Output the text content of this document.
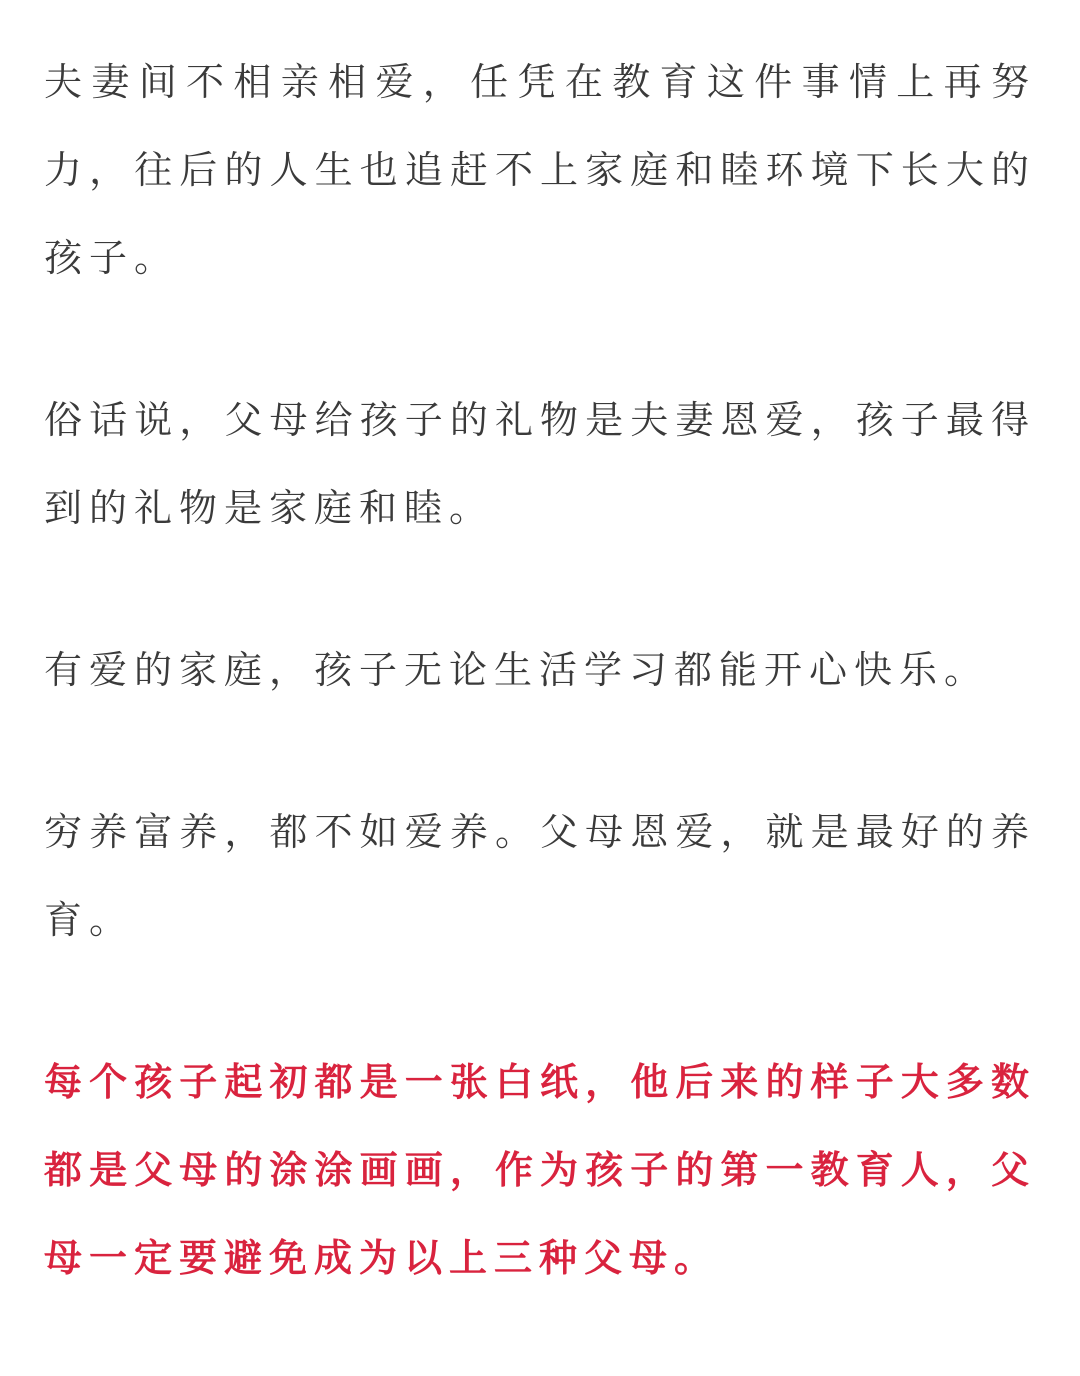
夫妻间不相亲相爱，任凭在教育这件事情上再努力，往后的人生也追赶不上家庭和睦环境下长大的孩子。

俗话说，父母给孩子的礼物是夫妻恩爱，孩子最得到的礼物是家庭和睦。

有爱的家庭，孩子无论生活学习都能开心快乐。

穷养富养，都不如爱养。父母恩爱，就是最好的养育。

每个孩子起初都是一张白纸，他后来的样子大多数都是父母的涂涂画画，作为孩子的第一教育人，父母一定要避免成为以上三种父母。
